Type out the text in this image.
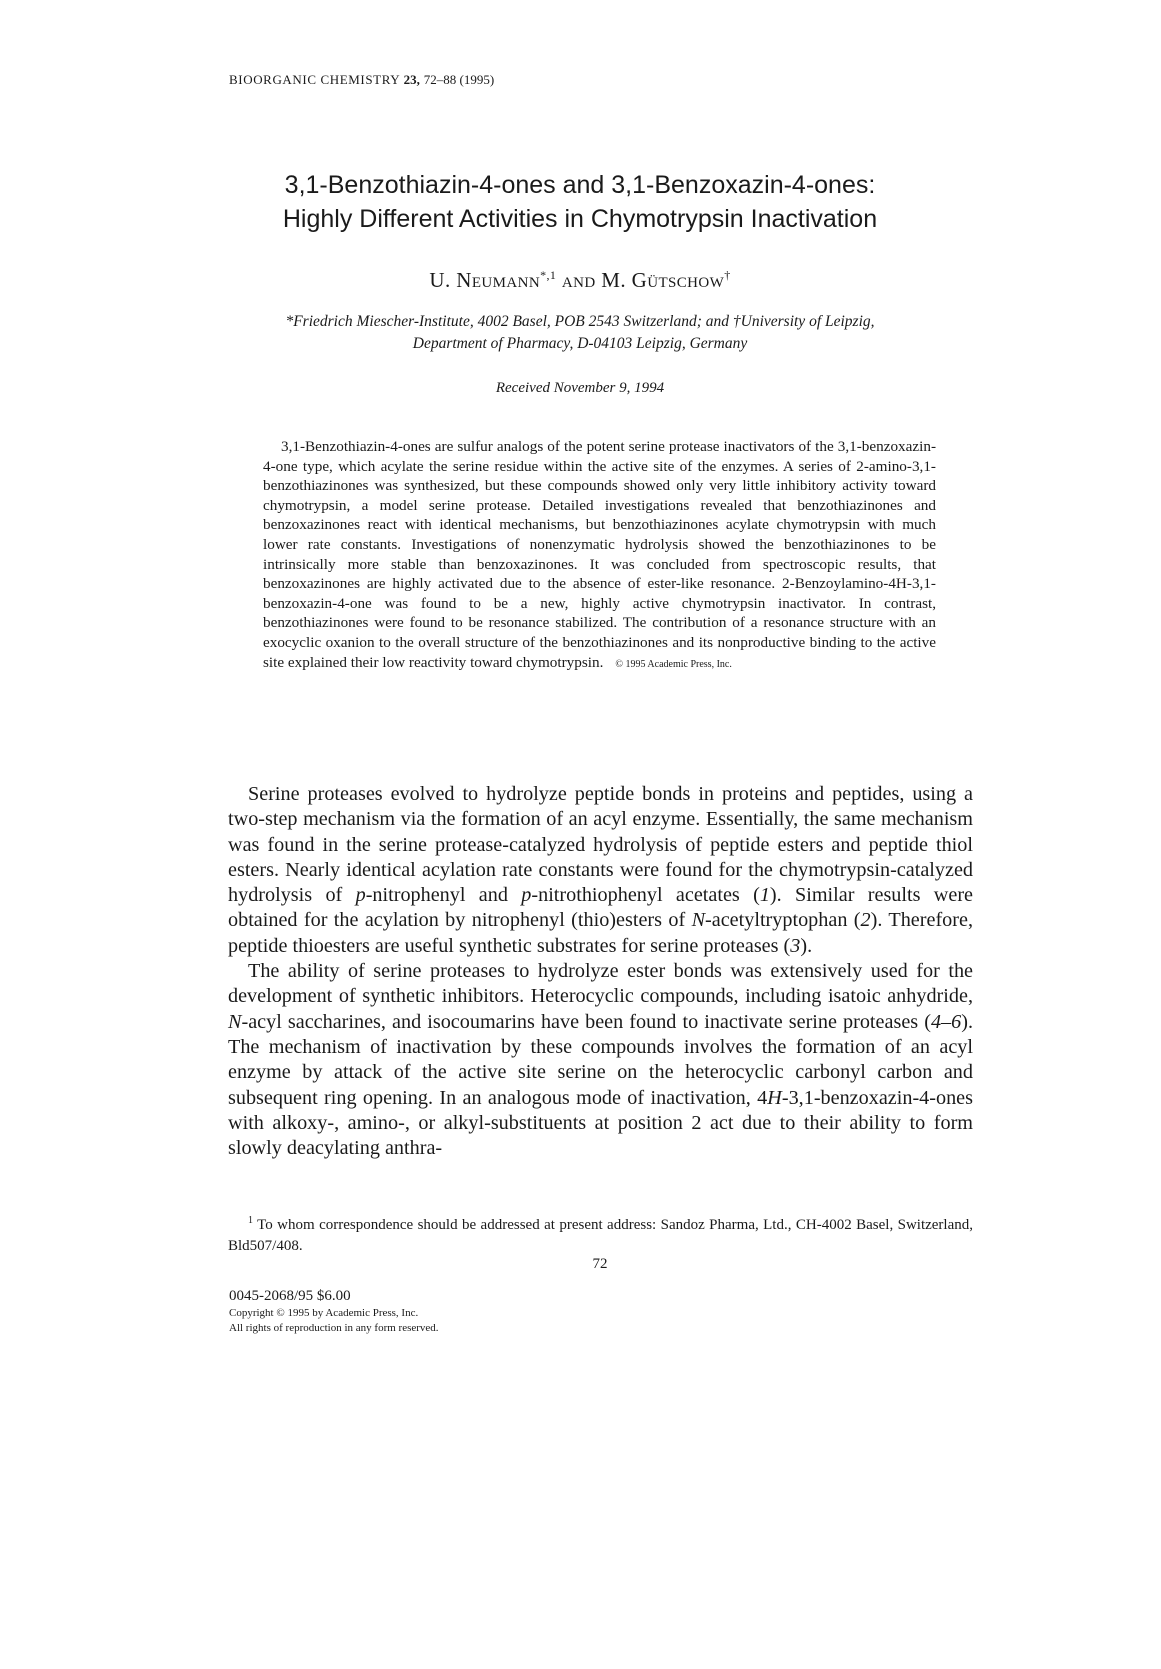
BIOORGANIC CHEMISTRY 23, 72–88 (1995)
3,1-Benzothiazin-4-ones and 3,1-Benzoxazin-4-ones:
Highly Different Activities in Chymotrypsin Inactivation
U. Neumann$^{*,1}$ and M. Gütschow†
*Friedrich Miescher-Institute, 4002 Basel, POB 2543 Switzerland; and †University of Leipzig,
Department of Pharmacy, D-04103 Leipzig, Germany
Received November 9, 1994
3,1-Benzothiazin-4-ones are sulfur analogs of the potent serine protease inactivators of the 3,1-benzoxazin-4-one type, which acylate the serine residue within the active site of the enzymes. A series of 2-amino-3,1-benzothiazinones was synthesized, but these compounds showed only very little inhibitory activity toward chymotrypsin, a model serine protease. Detailed investigations revealed that benzothiazinones and benzoxazinones react with identical mechanisms, but benzothiazinones acylate chymotrypsin with much lower rate constants. Investigations of nonenzymatic hydrolysis showed the benzothiazinones to be intrinsically more stable than benzoxazinones. It was concluded from spectroscopic results, that benzoxazinones are highly activated due to the absence of ester-like resonance. 2-Benzoylamino-4H-3,1-benzoxazin-4-one was found to be a new, highly active chymotrypsin inactivator. In contrast, benzothiazinones were found to be resonance stabilized. The contribution of a resonance structure with an exocyclic oxanion to the overall structure of the benzothiazinones and its nonproductive binding to the active site explained their low reactivity toward chymotrypsin. © 1995 Academic Press, Inc.

Serine proteases evolved to hydrolyze peptide bonds in proteins and peptides, using a two-step mechanism via the formation of an acyl enzyme. Essentially, the same mechanism was found in the serine protease-catalyzed hydrolysis of peptide esters and peptide thiol esters. Nearly identical acylation rate constants were found for the chymotrypsin-catalyzed hydrolysis of p-nitrophenyl and p-nitrothiophenyl acetates (1). Similar results were obtained for the acylation by nitrophenyl (thio)esters of N-acetyltryptophan (2). Therefore, peptide thioesters are useful synthetic substrates for serine proteases (3).

The ability of serine proteases to hydrolyze ester bonds was extensively used for the development of synthetic inhibitors. Heterocyclic compounds, including isatoic anhydride, N-acyl saccharines, and isocoumarins have been found to inactivate serine proteases (4–6). The mechanism of inactivation by these compounds involves the formation of an acyl enzyme by attack of the active site serine on the heterocyclic carbonyl carbon and subsequent ring opening. In an analogous mode of inactivation, 4H-3,1-benzoxazin-4-ones with alkoxy-, amino-, or alkyl-substituents at position 2 act due to their ability to form slowly deacylating anthra-

$^1$ To whom correspondence should be addressed at present address: Sandoz Pharma, Ltd., CH-4002 Basel, Switzerland, Bld507/408.
72
0045-2068/95 $6.00
Copyright © 1995 by Academic Press, Inc.
All rights of reproduction in any form reserved.
